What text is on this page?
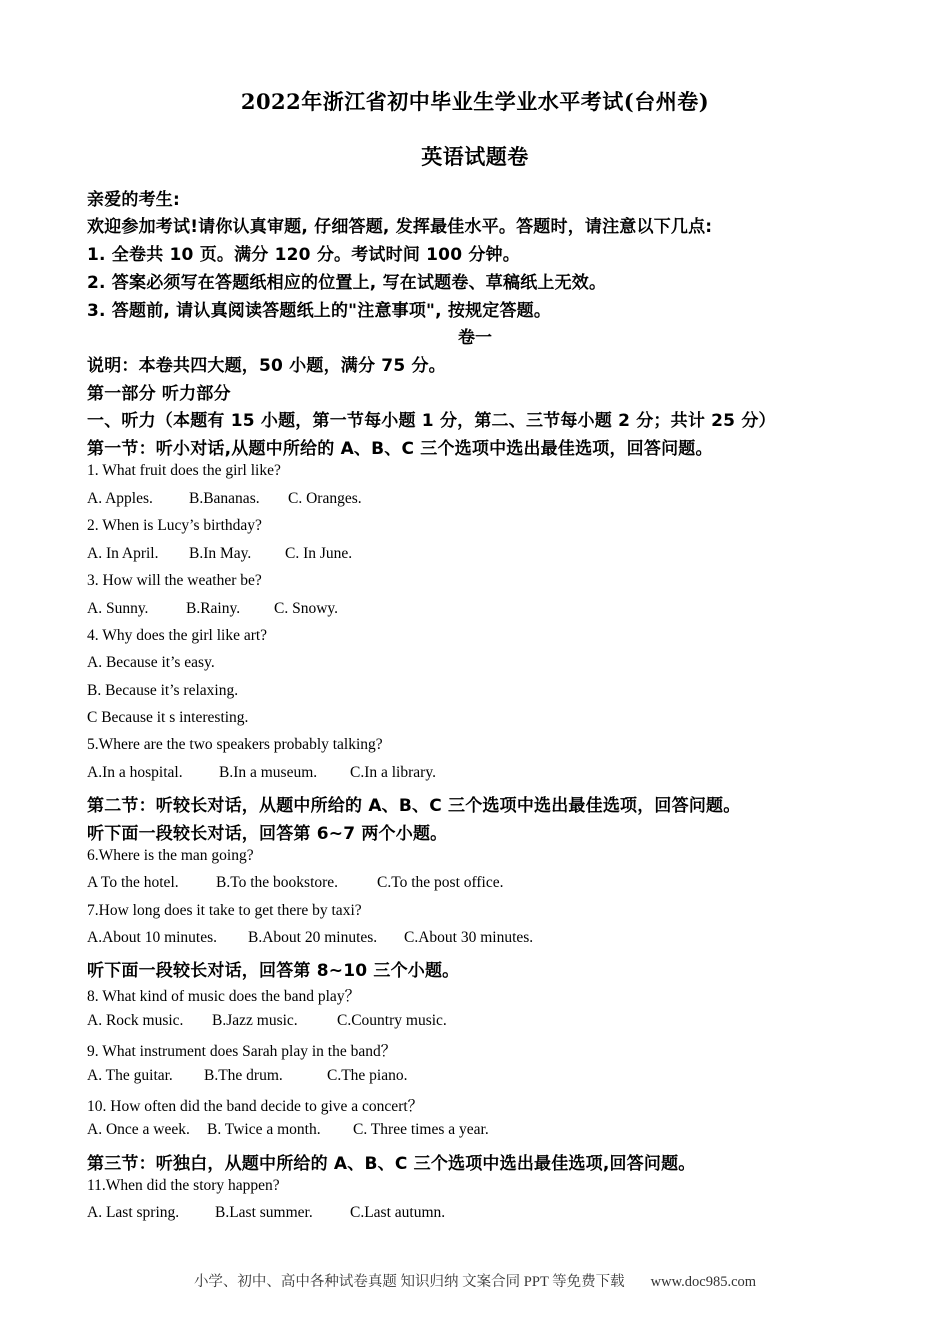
2022年浙江省初中毕业生学业水平考试(台州卷)
英语试题卷
亲爱的考生:
欢迎参加考试!请你认真审题, 仔细答题, 发挥最佳水平。答题时，请注意以下几点:
1. 全卷共 10 页。满分 120 分。考试时间 100 分钟。
2. 答案必须写在答题纸相应的位置上, 写在试题卷、草稿纸上无效。
3. 答题前, 请认真阅读答题纸上的"注意事项", 按规定答题。
卷一
说明：本卷共四大题，50 小题，满分 75 分。
第一部分 听力部分
一、听力（本题有 15 小题，第一节每小题 1 分，第二、三节每小题 2 分；共计 25 分）
第一节：听小对话,从题中所给的 A、B、C 三个选项中选出最佳选项，回答问题。
1. What fruit does the girl like?
A. Apples. B.Bananas. C. Oranges.
2. When is Lucy’s birthday?
A. In April. B.In May. C. In June.
3. How will the weather be?
A. Sunny. B.Rainy. C. Snowy.
4. Why does the girl like art?
A. Because it’s easy.
B. Because it’s relaxing.
C Because it s interesting.
5.Where are the two speakers probably talking?
A.In a hospital. B.In a museum. C.In a library.
第二节：听较长对话，从题中所给的 A、B、C 三个选项中选出最佳选项，回答问题。
听下面一段较长对话，回答第 6~7 两个小题。
6.Where is the man going?
A To the hotel. B.To the bookstore.	C.To the post office.
7.How long does it take to get there by taxi?
A.About 10 minutes. B.About 20 minutes. C.About 30 minutes.
听下面一段较长对话，回答第 8~10 三个小题。
8. What kind of music does the band play？
A. Rock music. B.Jazz music.	C.Country music.
9. What instrument does Sarah play in the band？
A. The guitar. B.The drum.	C.The piano.
10. How often did the band decide to give a concert？
A. Once a week. B. Twice a month. C. Three times a year.
第三节：听独白，从题中所给的 A、B、C 三个选项中选出最佳选项,回答问题。
11.When did the story happen?
A. Last spring. B.Last summer. C.Last autumn.
小学、初中、高中各种试卷真题 知识归纳 文案合同 PPT 等免费下载 www.doc985.com
